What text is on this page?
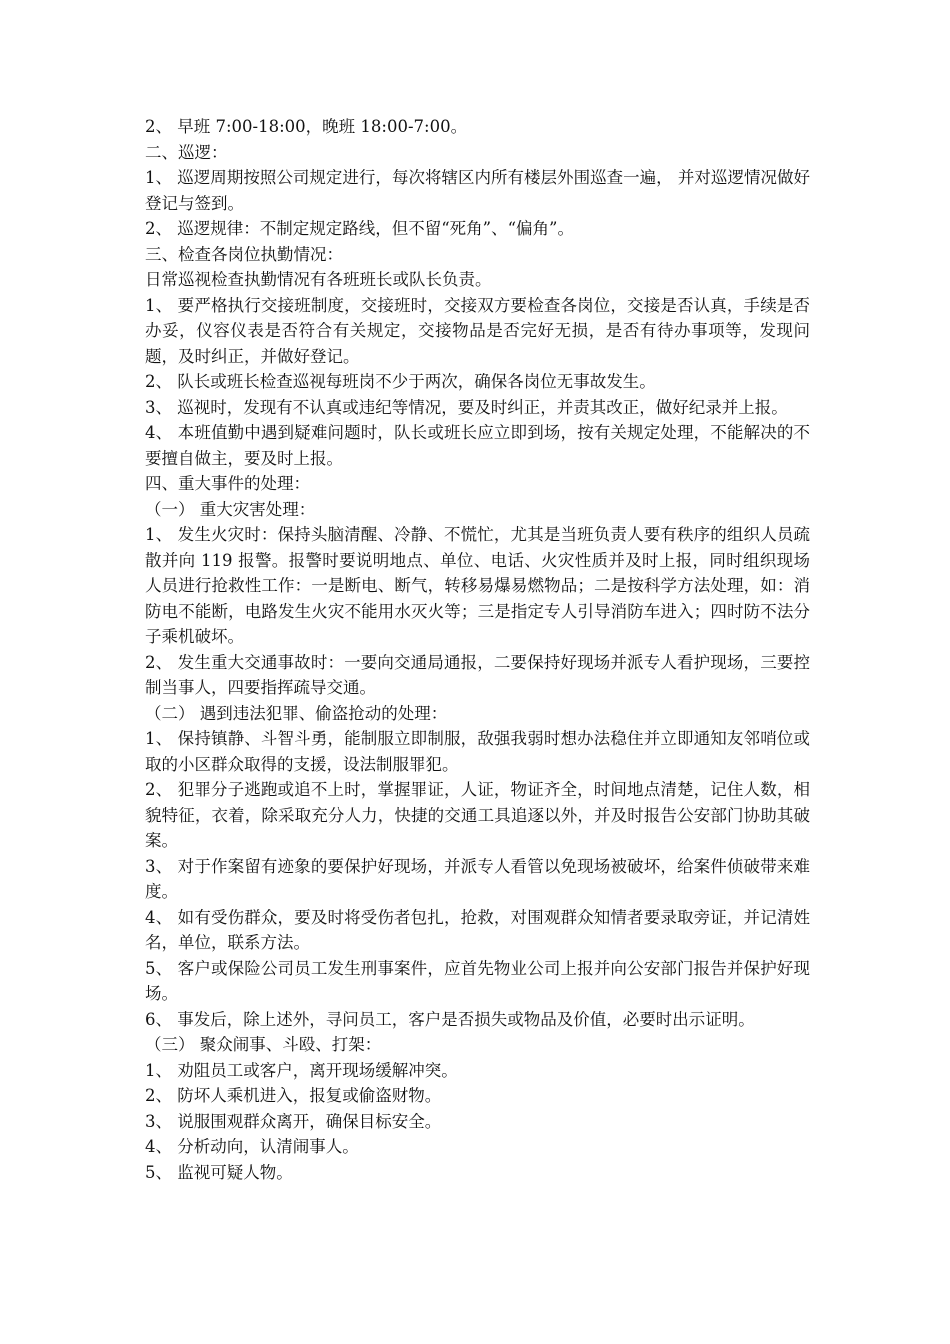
2、 早班 7:00-18:00，晚班 18:00-7:00。

二、巡逻：

1、 巡逻周期按照公司规定进行，每次将辖区内所有楼层外围巡查一遍， 并对巡逻情况做好登记与签到。

2、 巡逻规律：不制定规定路线，但不留“死角”、“偏角”。

三、检查各岗位执勤情况：

日常巡视检查执勤情况有各班班长或队长负责。

1、 要严格执行交接班制度，交接班时，交接双方要检查各岗位，交接是否认真，手续是否办妥，仪容仪表是否符合有关规定，交接物品是否完好无损，是否有待办事项等，发现问题，及时纠正，并做好登记。

2、 队长或班长检查巡视每班岗不少于两次，确保各岗位无事故发生。

3、 巡视时，发现有不认真或违纪等情况，要及时纠正，并责其改正，做好纪录并上报。

4、 本班值勤中遇到疑难问题时，队长或班长应立即到场，按有关规定处理，不能解决的不要擅自做主，要及时上报。

四、重大事件的处理：

（一） 重大灾害处理：

1、 发生火灾时：保持头脑清醒、冷静、不慌忙，尤其是当班负责人要有秩序的组织人员疏散并向 119 报警。报警时要说明地点、单位、电话、火灾性质并及时上报，同时组织现场人员进行抢救性工作：一是断电、断气，转移易爆易燃物品；二是按科学方法处理，如：消防电不能断，电路发生火灾不能用水灭火等；三是指定专人引导消防车进入；四时防不法分子乘机破坏。

2、 发生重大交通事故时：一要向交通局通报，二要保持好现场并派专人看护现场，三要控制当事人，四要指挥疏导交通。

（二） 遇到违法犯罪、偷盗抢动的处理：

1、 保持镇静、斗智斗勇，能制服立即制服，敌强我弱时想办法稳住并立即通知友邻哨位或取的小区群众取得的支援，设法制服罪犯。

2、 犯罪分子逃跑或追不上时，掌握罪证，人证，物证齐全，时间地点清楚，记住人数，相貌特征，衣着，除采取充分人力，快捷的交通工具追逐以外，并及时报告公安部门协助其破案。

3、 对于作案留有迹象的要保护好现场，并派专人看管以免现场被破坏，给案件侦破带来难度。

4、 如有受伤群众，要及时将受伤者包扎，抢救，对围观群众知情者要录取旁证，并记清姓名，单位，联系方法。

5、 客户或保险公司员工发生刑事案件，应首先物业公司上报并向公安部门报告并保护好现场。

6、 事发后，除上述外，寻问员工，客户是否损失或物品及价值，必要时出示证明。

（三） 聚众闹事、斗殴、打架：

1、 劝阻员工或客户，离开现场缓解冲突。

2、 防坏人乘机进入，报复或偷盗财物。

3、 说服围观群众离开，确保目标安全。

4、 分析动向，认清闹事人。

5、 监视可疑人物。
